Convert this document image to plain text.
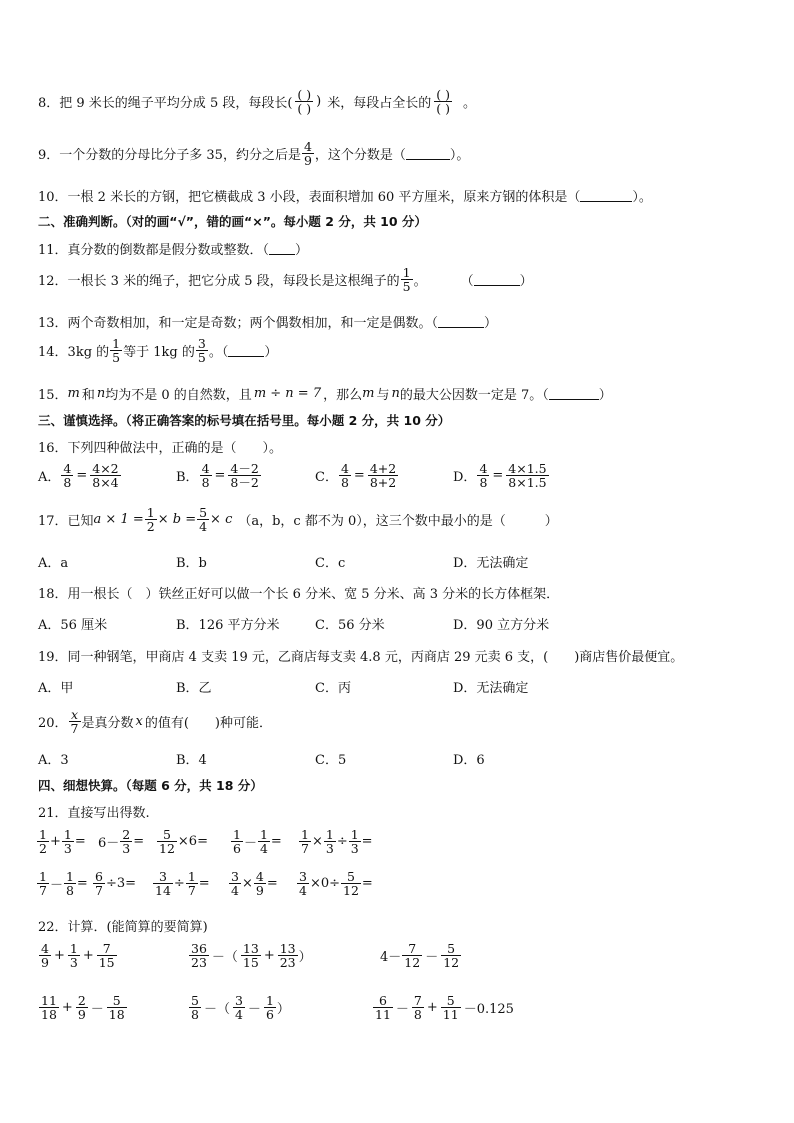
8．把 9 米长的绳子平均分成 5 段，每段长( $\frac{( )}{( )}$ ) 米，每段占全长的 $\frac{( )}{( )}$ 。
9．一个分数的分母比分子多 35，约分之后是 $\frac{4}{9}$ ，这个分数是（	）。
10．一根 2 米长的方钢，把它横截成 3 小段，表面积增加 60 平方厘米，原来方钢的体积是（	）。
二、准确判断。（对的画“√”，错的画“×”。每小题 2 分，共 10 分）
11．真分数的倒数都是假分数或整数．（ ）
12．一根长 3 米的绳子，把它分成 5 段，每段长是这根绳子的 $\frac{1}{5}$ 。	（	）
13．两个奇数相加，和一定是奇数；两个偶数相加，和一定是偶数。（	）
14．3kg 的 $\frac{1}{5}$ 等于 1kg 的 $\frac{3}{5}$ 。（	）
15． m 和 n 均为不是 0 的自然数，且 m ÷ n = 7 ，那么 m 与 n 的最大公因数一定是 7。（	）
三、谨慎选择。（将正确答案的标号填在括号里。每小题 2 分，共 10 分）
16．下列四种做法中，正确的是（　　）。
A． $\frac{4}{8} = \frac{4\times 2}{8\times 4}$	B． $\frac{4}{8} = \frac{4-2}{8-2}$	C． $\frac{4}{8} = \frac{4+2}{8+2}$	D． $\frac{4}{8} = \frac{4\times 1.5}{8\times 1.5}$
17．已知 $a \times 1 = \frac{1}{2} \times b = \frac{5}{4} \times c$ （a，b，c 都不为 0），这三个数中最小的是（　　　）
A．a	B．b	C．c	D．无法确定
18．用一根长（　）铁丝正好可以做一个长 6 分米、宽 5 分米、高 3 分米的长方体框架．
A．56 厘米	B．126 平方分米	C．56 分米	D．90 立方分米
19．同一种钢笔，甲商店 4 支卖 19 元，乙商店每支卖 4.8 元，丙商店 29 元卖 6 支，(　　)商店售价最便宜。
A．甲	B．乙	C．丙	D．无法确定
20． $\frac{x}{7}$ 是真分数 x 的值有(　　)种可能．
A．3	B．4	C．5	D．6
四、细想快算。（每题 6 分，共 18 分）
21．直接写出得数.
$\frac{1}{2} + \frac{1}{3} = 6- \frac{2}{3} = \frac{5}{12} \times 6= \frac{1}{6} - \frac{1}{4} = \frac{1}{7} \times \frac{1}{3} \div \frac{1}{3}$ =
$\frac{1}{7} - \frac{1}{8} = \frac{6}{7} \div 3= \frac{3}{14} \div \frac{1}{7} = \frac{3}{4} \times \frac{4}{9} = \frac{3}{4} \times 0\div \frac{5}{12}$ =
22．计算．(能简算的要简算)
$\frac{4}{9} + \frac{1}{3} + \frac{7}{15}$	$\frac{36}{23}$ －（ $\frac{13}{15} + \frac{13}{23}$ ）	$4- \frac{7}{12} - \frac{5}{12}$
$\frac{11}{18} + \frac{2}{9} - \frac{5}{18}$	$\frac{5}{8}$ －（ $\frac{3}{4} - \frac{1}{6}$ ）	$\frac{6}{11} - \frac{7}{8} + \frac{5}{11} -0.125$
